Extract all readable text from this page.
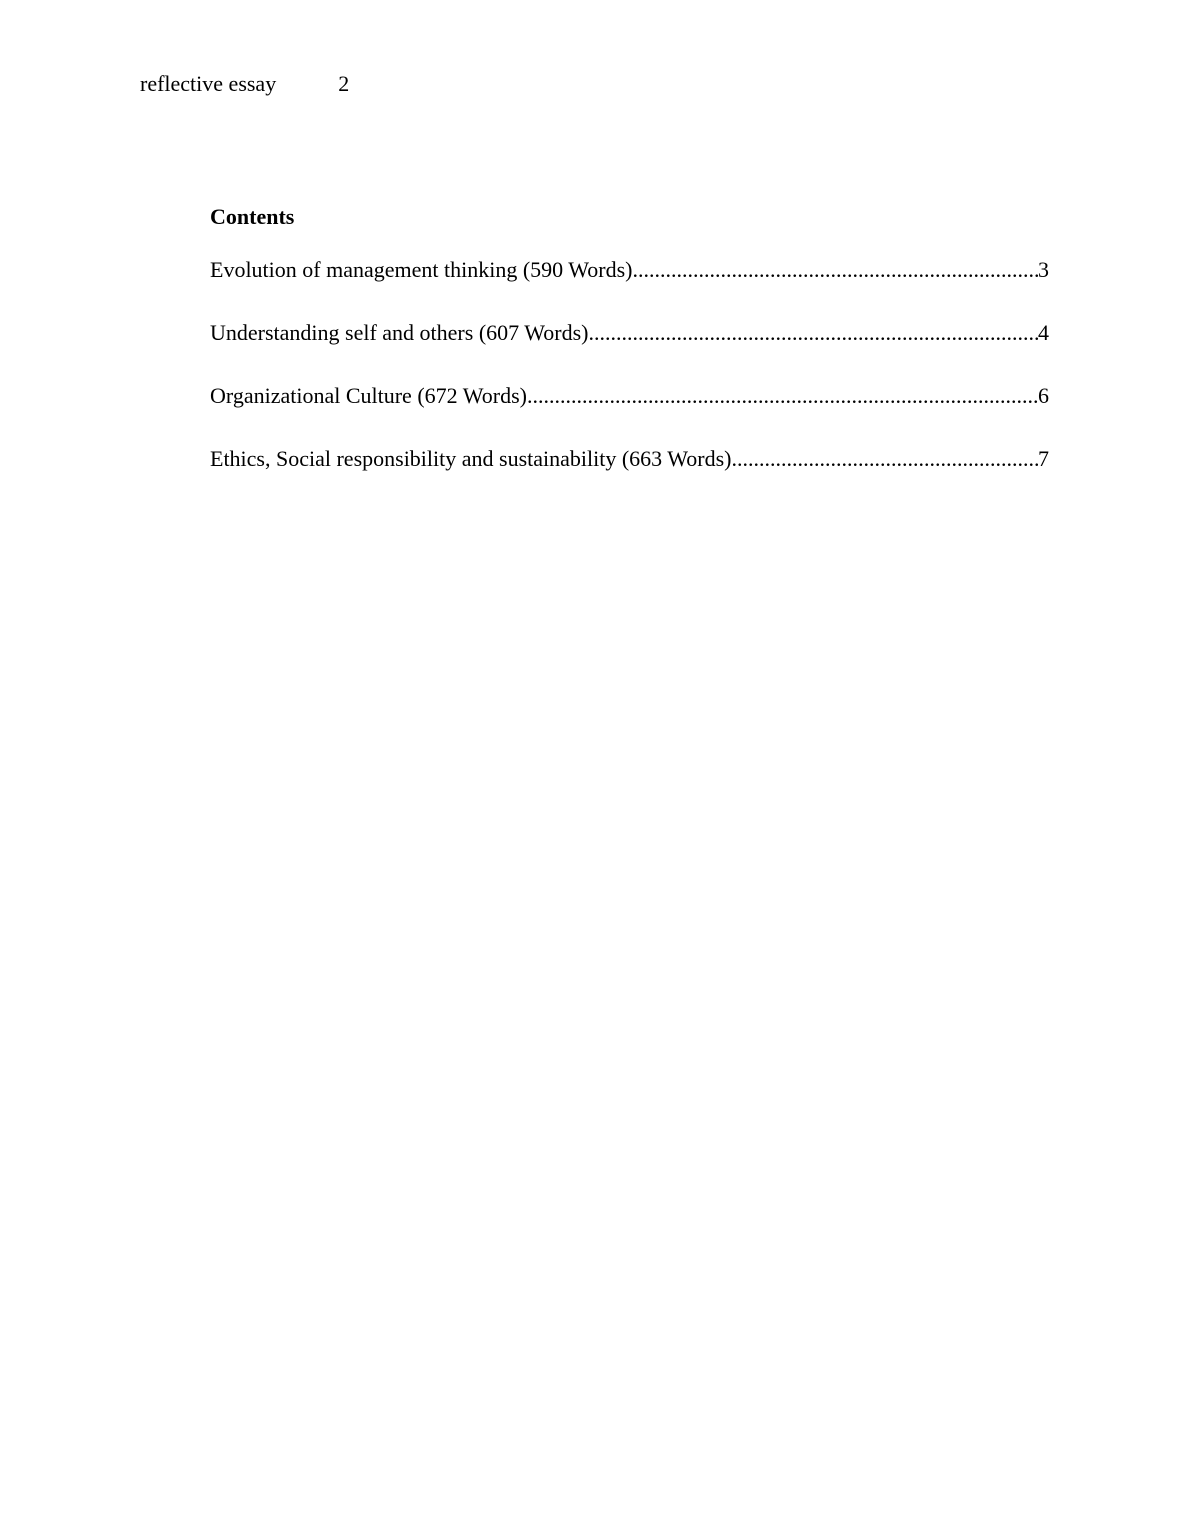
reflective essay	2
Contents
Evolution of management thinking (590 Words) .....	3
Understanding self and others (607 Words) .....	4
Organizational Culture (672 Words) .....	6
Ethics, Social responsibility and sustainability (663 Words) .....	7
